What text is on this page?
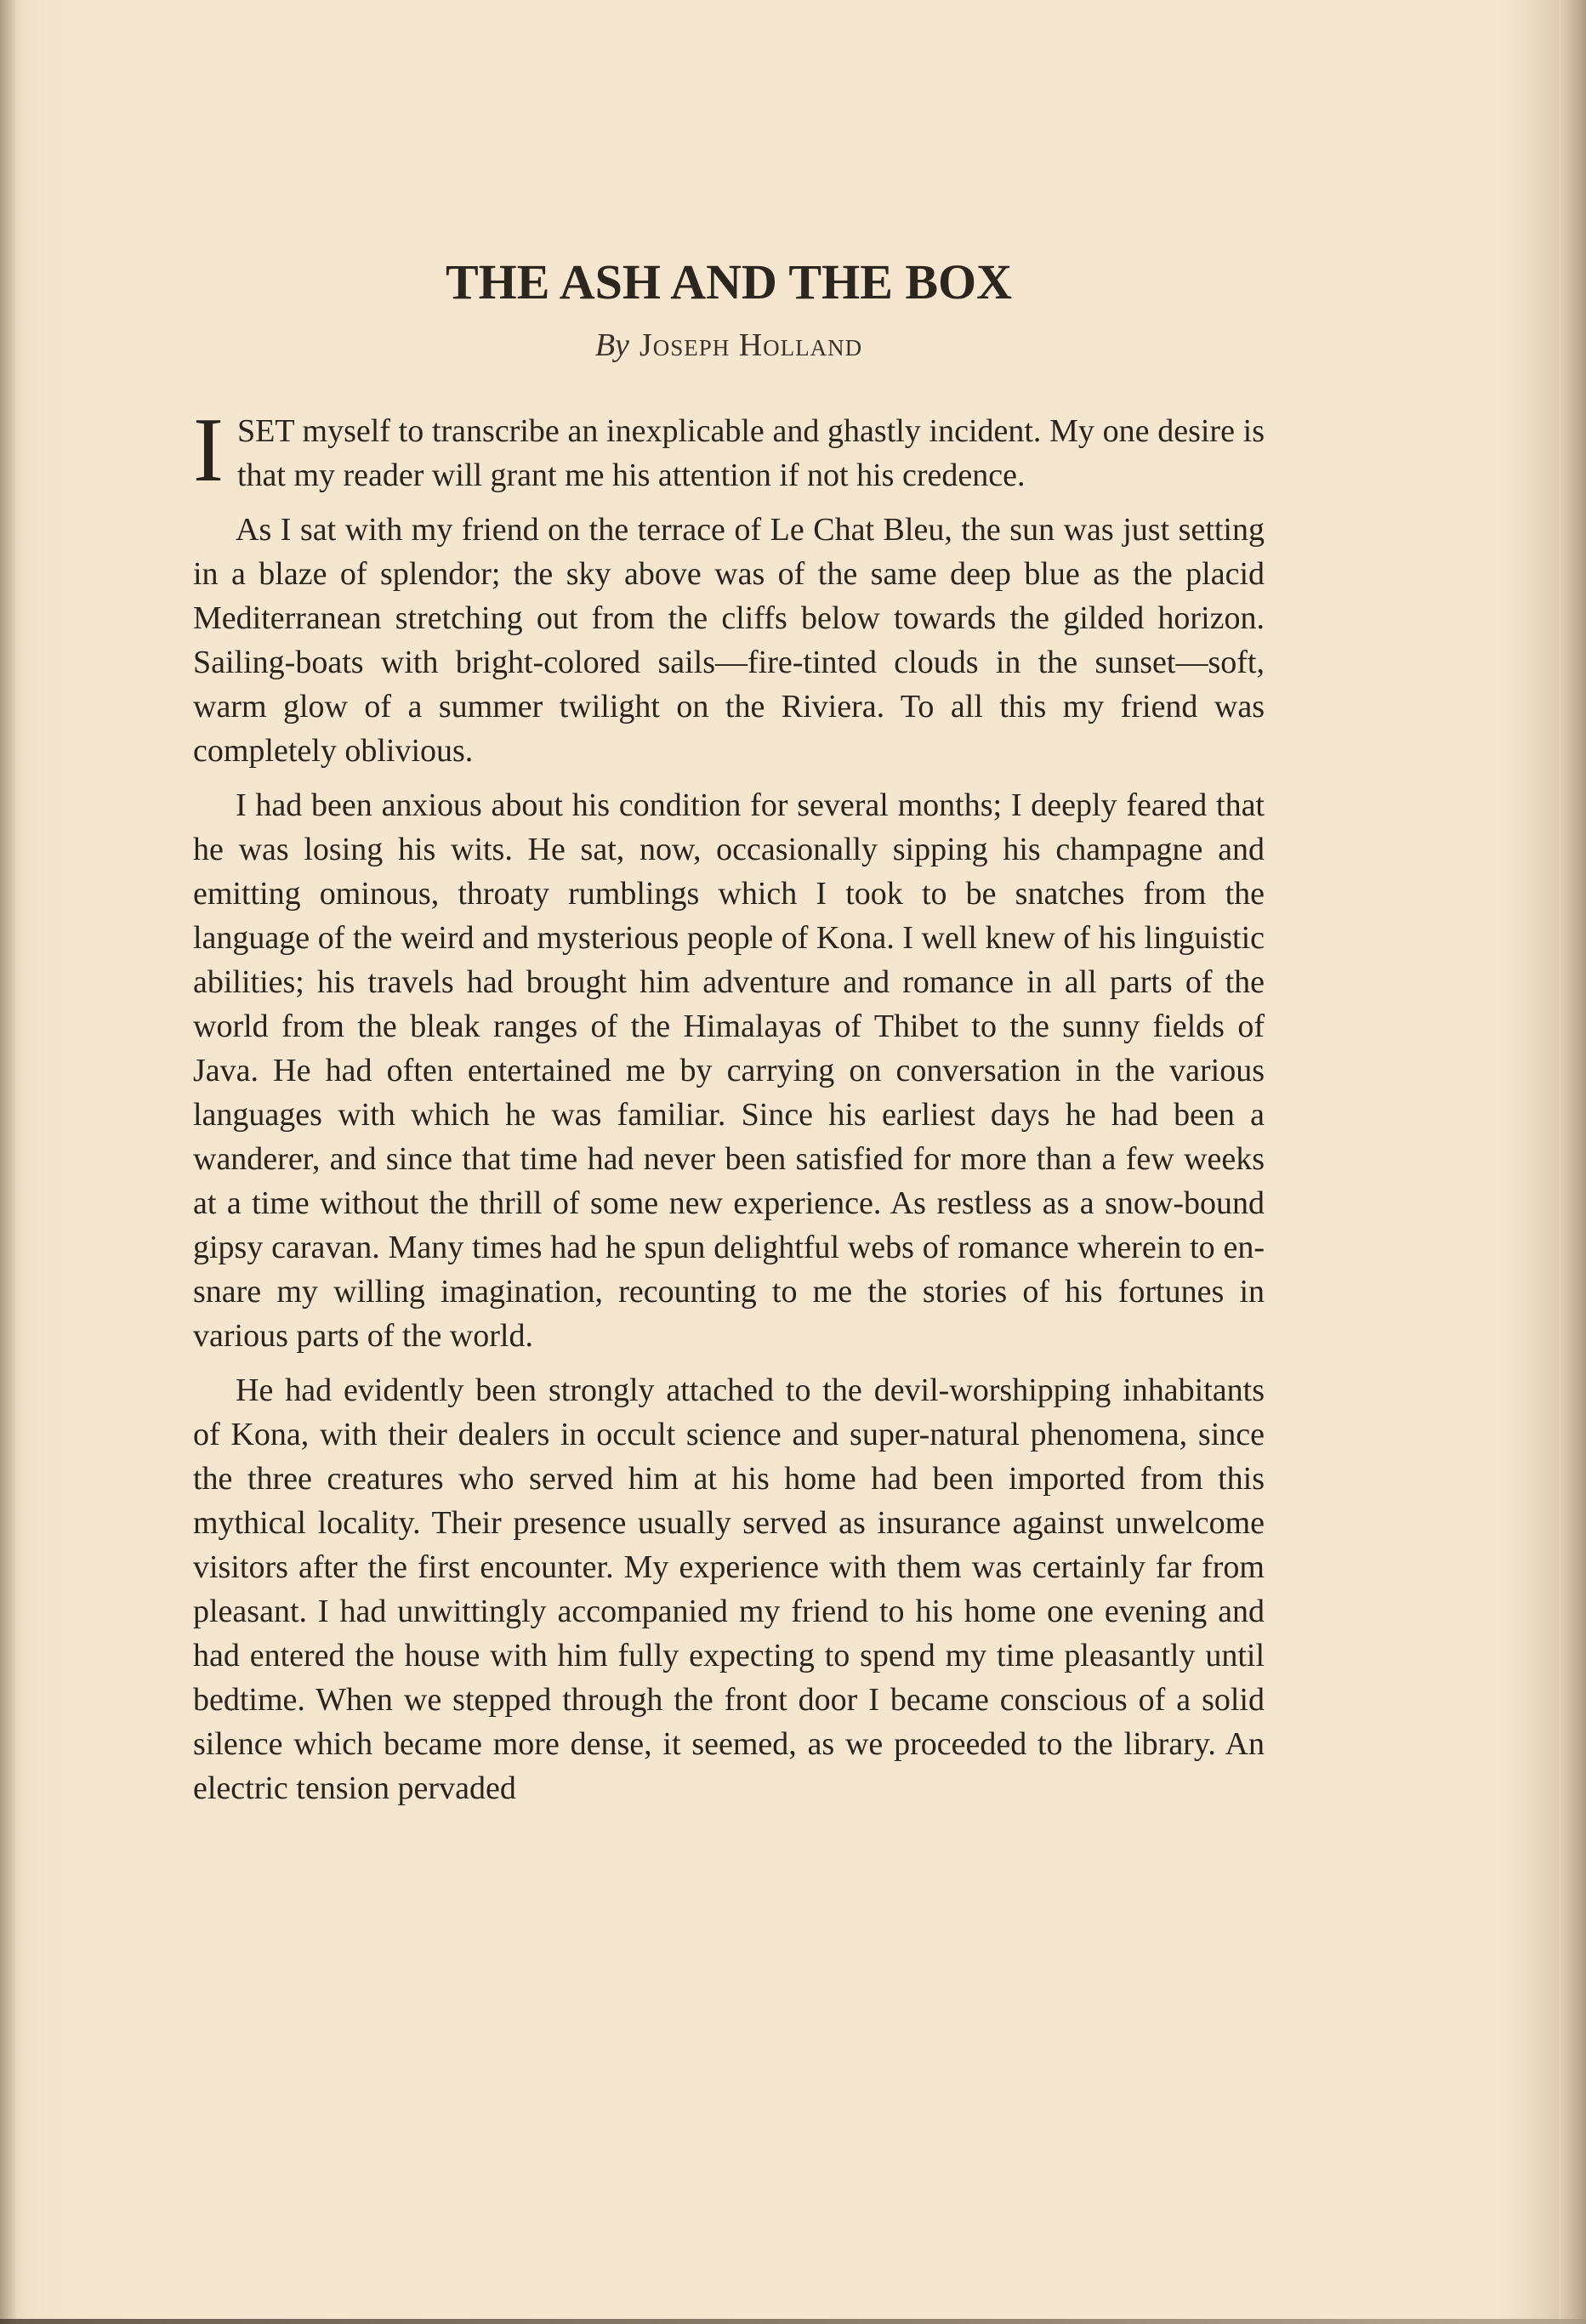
THE ASH AND THE BOX
By Joseph Holland

I SET myself to transcribe an inexplicable and ghastly incident. My one desire is that my reader will grant me his attention if not his credence.

As I sat with my friend on the terrace of Le Chat Bleu, the sun was just setting in a blaze of splendor; the sky above was of the same deep blue as the placid Mediterranean stretching out from the cliffs below towards the gilded horizon. Sailing-boats with bright-colored sails—fire-tinted clouds in the sunset—soft, warm glow of a summer twilight on the Riviera. To all this my friend was completely oblivious.

I had been anxious about his condition for several months; I deeply feared that he was losing his wits. He sat, now, occasionally sipping his champagne and emitting ominous, throaty rumblings which I took to be snatches from the language of the weird and mysterious people of Kona. I well knew of his linguistic abilities; his travels had brought him adventure and romance in all parts of the world from the bleak ranges of the Himalayas of Thibet to the sunny fields of Java. He had often entertained me by carrying on conversation in the various languages with which he was familiar. Since his earliest days he had been a wanderer, and since that time had never been satisfied for more than a few weeks at a time without the thrill of some new experience. As restless as a snow-bound gipsy caravan. Many times had he spun delightful webs of romance wherein to en-snare my willing imagination, recounting to me the stories of his fortunes in various parts of the world.

He had evidently been strongly attached to the devil-worshipping inhabitants of Kona, with their dealers in occult science and super-natural phenomena, since the three creatures who served him at his home had been imported from this mythical locality. Their presence usually served as insurance against unwelcome visitors after the first encounter. My experience with them was certainly far from pleasant. I had unwittingly accompanied my friend to his home one evening and had entered the house with him fully expecting to spend my time pleasantly until bedtime. When we stepped through the front door I became conscious of a solid silence which became more dense, it seemed, as we proceeded to the library. An electric tension pervaded
